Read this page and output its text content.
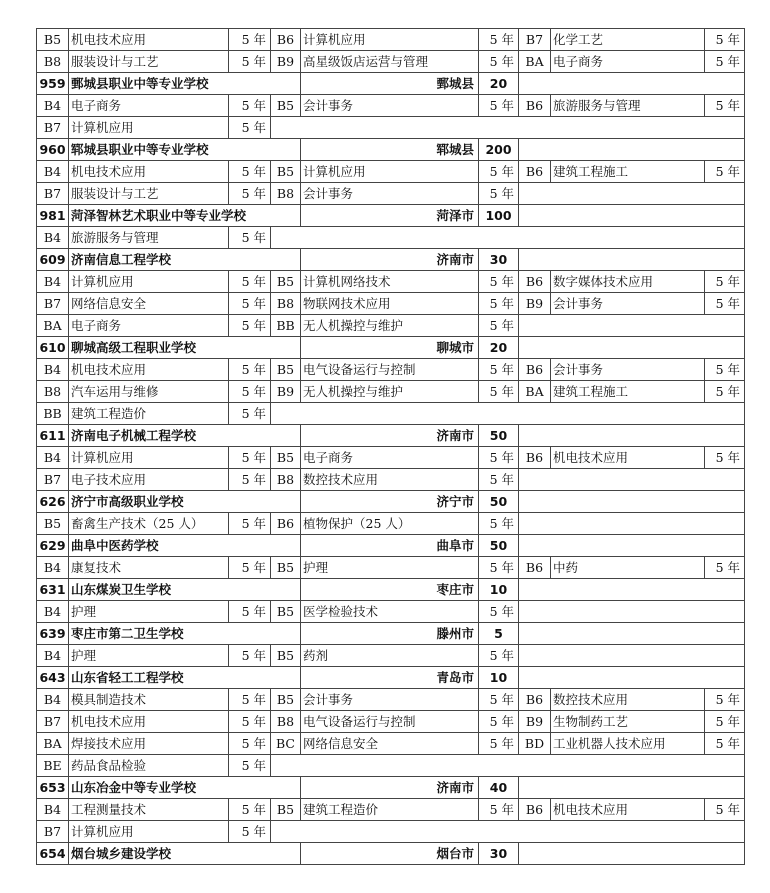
B5	机电技术应用	5 年	B6	计算机应用	5 年	B7	化学工艺	5 年
B8	服装设计与工艺	5 年	B9	高星级饭店运营与管理	5 年	BA	电子商务	5 年
959	鄄城县职业中等专业学校			鄄城县	20			
B4	电子商务	5 年	B5	会计事务	5 年	B6	旅游服务与管理	5 年
B7	计算机应用	5 年						
960	郓城县职业中等专业学校			郓城县	200			
B4	机电技术应用	5 年	B5	计算机应用	5 年	B6	建筑工程施工	5 年
B7	服装设计与工艺	5 年	B8	会计事务	5 年			
981	菏泽智林艺术职业中等专业学校			菏泽市	100			
B4	旅游服务与管理	5 年						
609	济南信息工程学校			济南市	30			
B4	计算机应用	5 年	B5	计算机网络技术	5 年	B6	数字媒体技术应用	5 年
B7	网络信息安全	5 年	B8	物联网技术应用	5 年	B9	会计事务	5 年
BA	电子商务	5 年	BB	无人机操控与维护	5 年			
610	聊城高级工程职业学校			聊城市	20			
B4	机电技术应用	5 年	B5	电气设备运行与控制	5 年	B6	会计事务	5 年
B8	汽车运用与维修	5 年	B9	无人机操控与维护	5 年	BA	建筑工程施工	5 年
BB	建筑工程造价	5 年						
611	济南电子机械工程学校			济南市	50			
B4	计算机应用	5 年	B5	电子商务	5 年	B6	机电技术应用	5 年
B7	电子技术应用	5 年	B8	数控技术应用	5 年			
626	济宁市高级职业学校			济宁市	50			
B5	畜禽生产技术（25 人）	5 年	B6	植物保护（25 人）	5 年			
629	曲阜中医药学校			曲阜市	50			
B4	康复技术	5 年	B5	护理	5 年	B6	中药	5 年
631	山东煤炭卫生学校			枣庄市	10			
B4	护理	5 年	B5	医学检验技术	5 年			
639	枣庄市第二卫生学校			滕州市	5			
B4	护理	5 年	B5	药剂	5 年			
643	山东省轻工工程学校			青岛市	10			
B4	模具制造技术	5 年	B5	会计事务	5 年	B6	数控技术应用	5 年
B7	机电技术应用	5 年	B8	电气设备运行与控制	5 年	B9	生物制药工艺	5 年
BA	焊接技术应用	5 年	BC	网络信息安全	5 年	BD	工业机器人技术应用	5 年
BE	药品食品检验	5 年						
653	山东冶金中等专业学校			济南市	40			
B4	工程测量技术	5 年	B5	建筑工程造价	5 年	B6	机电技术应用	5 年
B7	计算机应用	5 年						
654	烟台城乡建设学校			烟台市	30			
